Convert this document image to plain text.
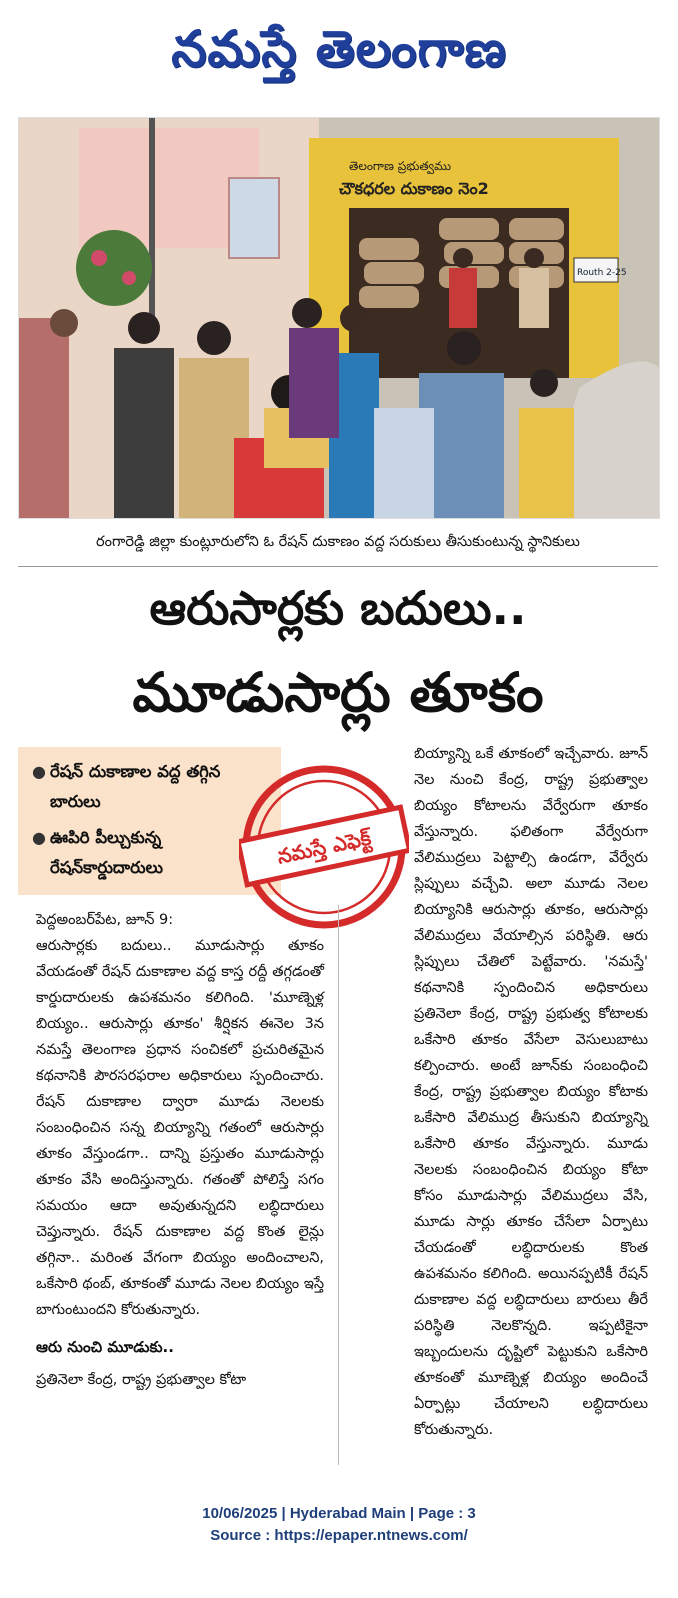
నమస్తే తెలంగాణ
తెలంగాణ ప్రభుత్వము
చౌకధరల దుకాణం నెం2
Routh 2-25
రంగారెడ్డి జిల్లా కుంట్లూరులోని ఓ రేషన్ దుకాణం వద్ద సరుకులు తీసుకుంటున్న స్థానికులు
ఆరుసార్లకు బదులు..
మూడుసార్లు తూకం
● రేషన్ దుకాణాల వద్ద తగ్గిన బారులు
● ఊపిరి పీల్చుకున్న రేషన్‌కార్డుదారులు	నమస్తే ఎఫెక్ట్

పెద్దఅంబర్‌పేట, జూన్ 9:

ఆరుసార్లకు బదులు.. మూడుసార్లు తూకం వేయడంతో రేషన్ దుకాణాల వద్ద కాస్త రద్దీ తగ్గడంతో కార్డుదారులకు ఉపశమనం కలిగింది. 'మూణ్నెళ్ల బియ్యం.. ఆరుసార్లు తూకం' శీర్షికన ఈనెల 3న నమస్తే తెలంగాణ ప్రధాన సంచికలో ప్రచురితమైన కథనానికి పౌరసరఫరాల అధికారులు స్పందించారు. రేషన్ దుకాణాల ద్వారా మూడు నెలలకు సంబంధించిన సన్న బియ్యాన్ని గతంలో ఆరుసార్లు తూకం వేస్తుండగా.. దాన్ని ప్రస్తుతం మూడుసార్లు తూకం వేసి అందిస్తున్నారు. గతంతో పోలిస్తే సగం సమయం ఆదా అవుతున్నదని లబ్ధిదారులు చెప్తున్నారు. రేషన్ దుకాణాల వద్ద కొంత లైన్లు తగ్గినా.. మరింత వేగంగా బియ్యం అందించాలని, ఒకేసారి థంబ్, తూకంతో మూడు నెలల బియ్యం ఇస్తే బాగుంటుందని కోరుతున్నారు.

ఆరు నుంచి మూడుకు..

ప్రతినెలా కేంద్ర, రాష్ట్ర ప్రభుత్వాల కోటా

బియ్యాన్ని ఒకే తూకంలో ఇచ్చేవారు. జూన్ నెల నుంచి కేంద్ర, రాష్ట్ర ప్రభుత్వాల బియ్యం కోటాలను వేర్వేరుగా తూకం వేస్తున్నారు. ఫలితంగా వేర్వేరుగా వేలిముద్రలు పెట్టాల్సి ఉండగా, వేర్వేరు స్లిప్పులు వచ్చేవి. అలా మూడు నెలల బియ్యానికి ఆరుసార్లు తూకం, ఆరుసార్లు వేలిముద్రలు వేయాల్సిన పరిస్థితి. ఆరు స్లిప్పులు చేతిలో పెట్టేవారు. 'నమస్తే' కథనానికి స్పందించిన అధికారులు ప్రతినెలా కేంద్ర, రాష్ట్ర ప్రభుత్వ కోటాలకు ఒకేసారి తూకం వేసేలా వెసులుబాటు కల్పించారు. అంటే జూన్‌కు సంబంధించి కేంద్ర, రాష్ట్ర ప్రభుత్వాల బియ్యం కోటాకు ఒకేసారి వేలిముద్ర తీసుకుని బియ్యాన్ని ఒకేసారి తూకం వేస్తున్నారు. మూడు నెలలకు సంబంధించిన బియ్యం కోటా కోసం మూడుసార్లు వేలిముద్రలు వేసి, మూడు సార్లు తూకం చేసేలా ఏర్పాటు చేయడంతో లబ్ధిదారులకు కొంత ఉపశమనం కలిగింది. అయినప్పటికీ రేషన్ దుకాణాల వద్ద లబ్ధిదారులు బారులు తీరే పరిస్థితి నెలకొన్నది. ఇప్పటికైనా ఇబ్బందులను దృష్టిలో పెట్టుకుని ఒకేసారి తూకంతో మూణ్నెళ్ల బియ్యం అందించే ఏర్పాట్లు చేయాలని లబ్ధిదారులు కోరుతున్నారు.

10/06/2025 | Hyderabad Main | Page : 3
Source : https://epaper.ntnews.com/
